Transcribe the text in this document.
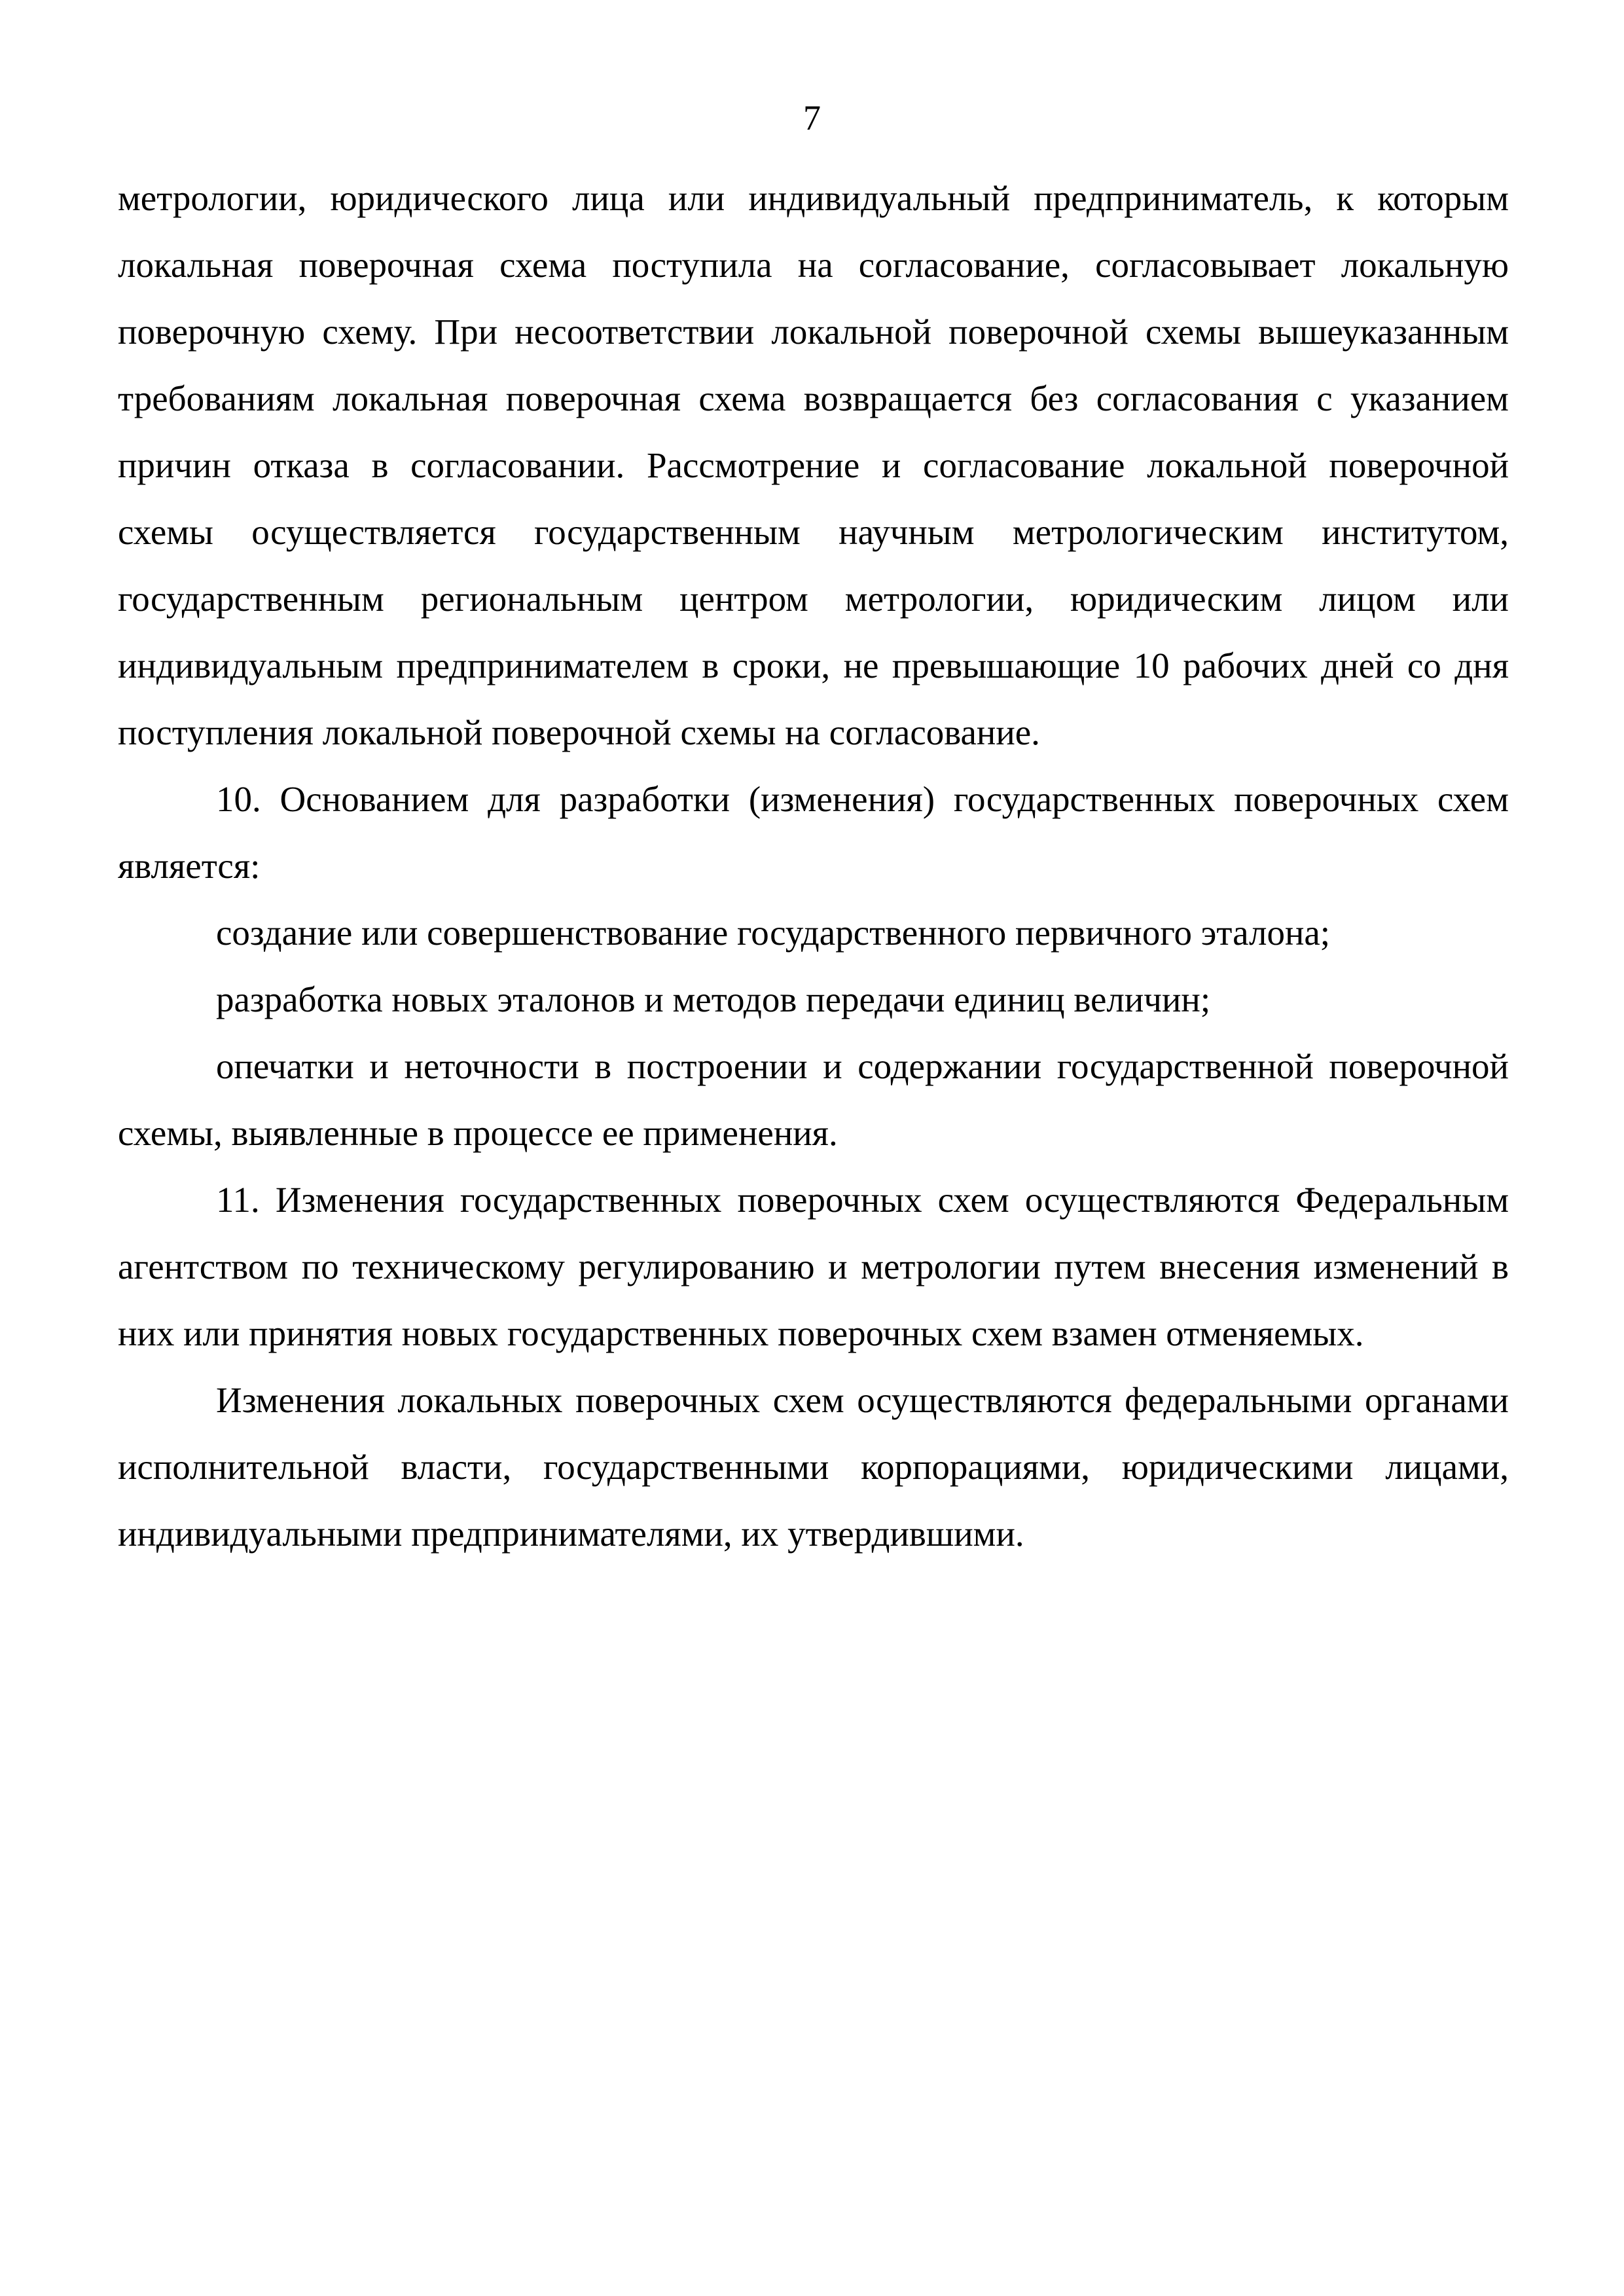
7

метрологии, юридического лица или индивидуальный предприниматель, к которым локальная поверочная схема поступила на согласование, согласовывает локальную поверочную схему. При несоответствии локальной поверочной схемы вышеуказанным требованиям локальная поверочная схема возвращается без согласования с указанием причин отказа в согласовании. Рассмотрение и согласование локальной поверочной схемы осуществляется государственным научным метрологическим институтом, государственным региональным центром метрологии, юридическим лицом или индивидуальным предпринимателем в сроки, не превышающие 10 рабочих дней со дня поступления локальной поверочной схемы на согласование.

10. Основанием для разработки (изменения) государственных поверочных схем является:

создание или совершенствование государственного первичного эталона;

разработка новых эталонов и методов передачи единиц величин;

опечатки и неточности в построении и содержании государственной поверочной схемы, выявленные в процессе ее применения.

11. Изменения государственных поверочных схем осуществляются Федеральным агентством по техническому регулированию и метрологии путем внесения изменений в них или принятия новых государственных поверочных схем взамен отменяемых.

Изменения локальных поверочных схем осуществляются федеральными органами исполнительной власти, государственными корпорациями, юридическими лицами, индивидуальными предпринимателями, их утвердившими.
